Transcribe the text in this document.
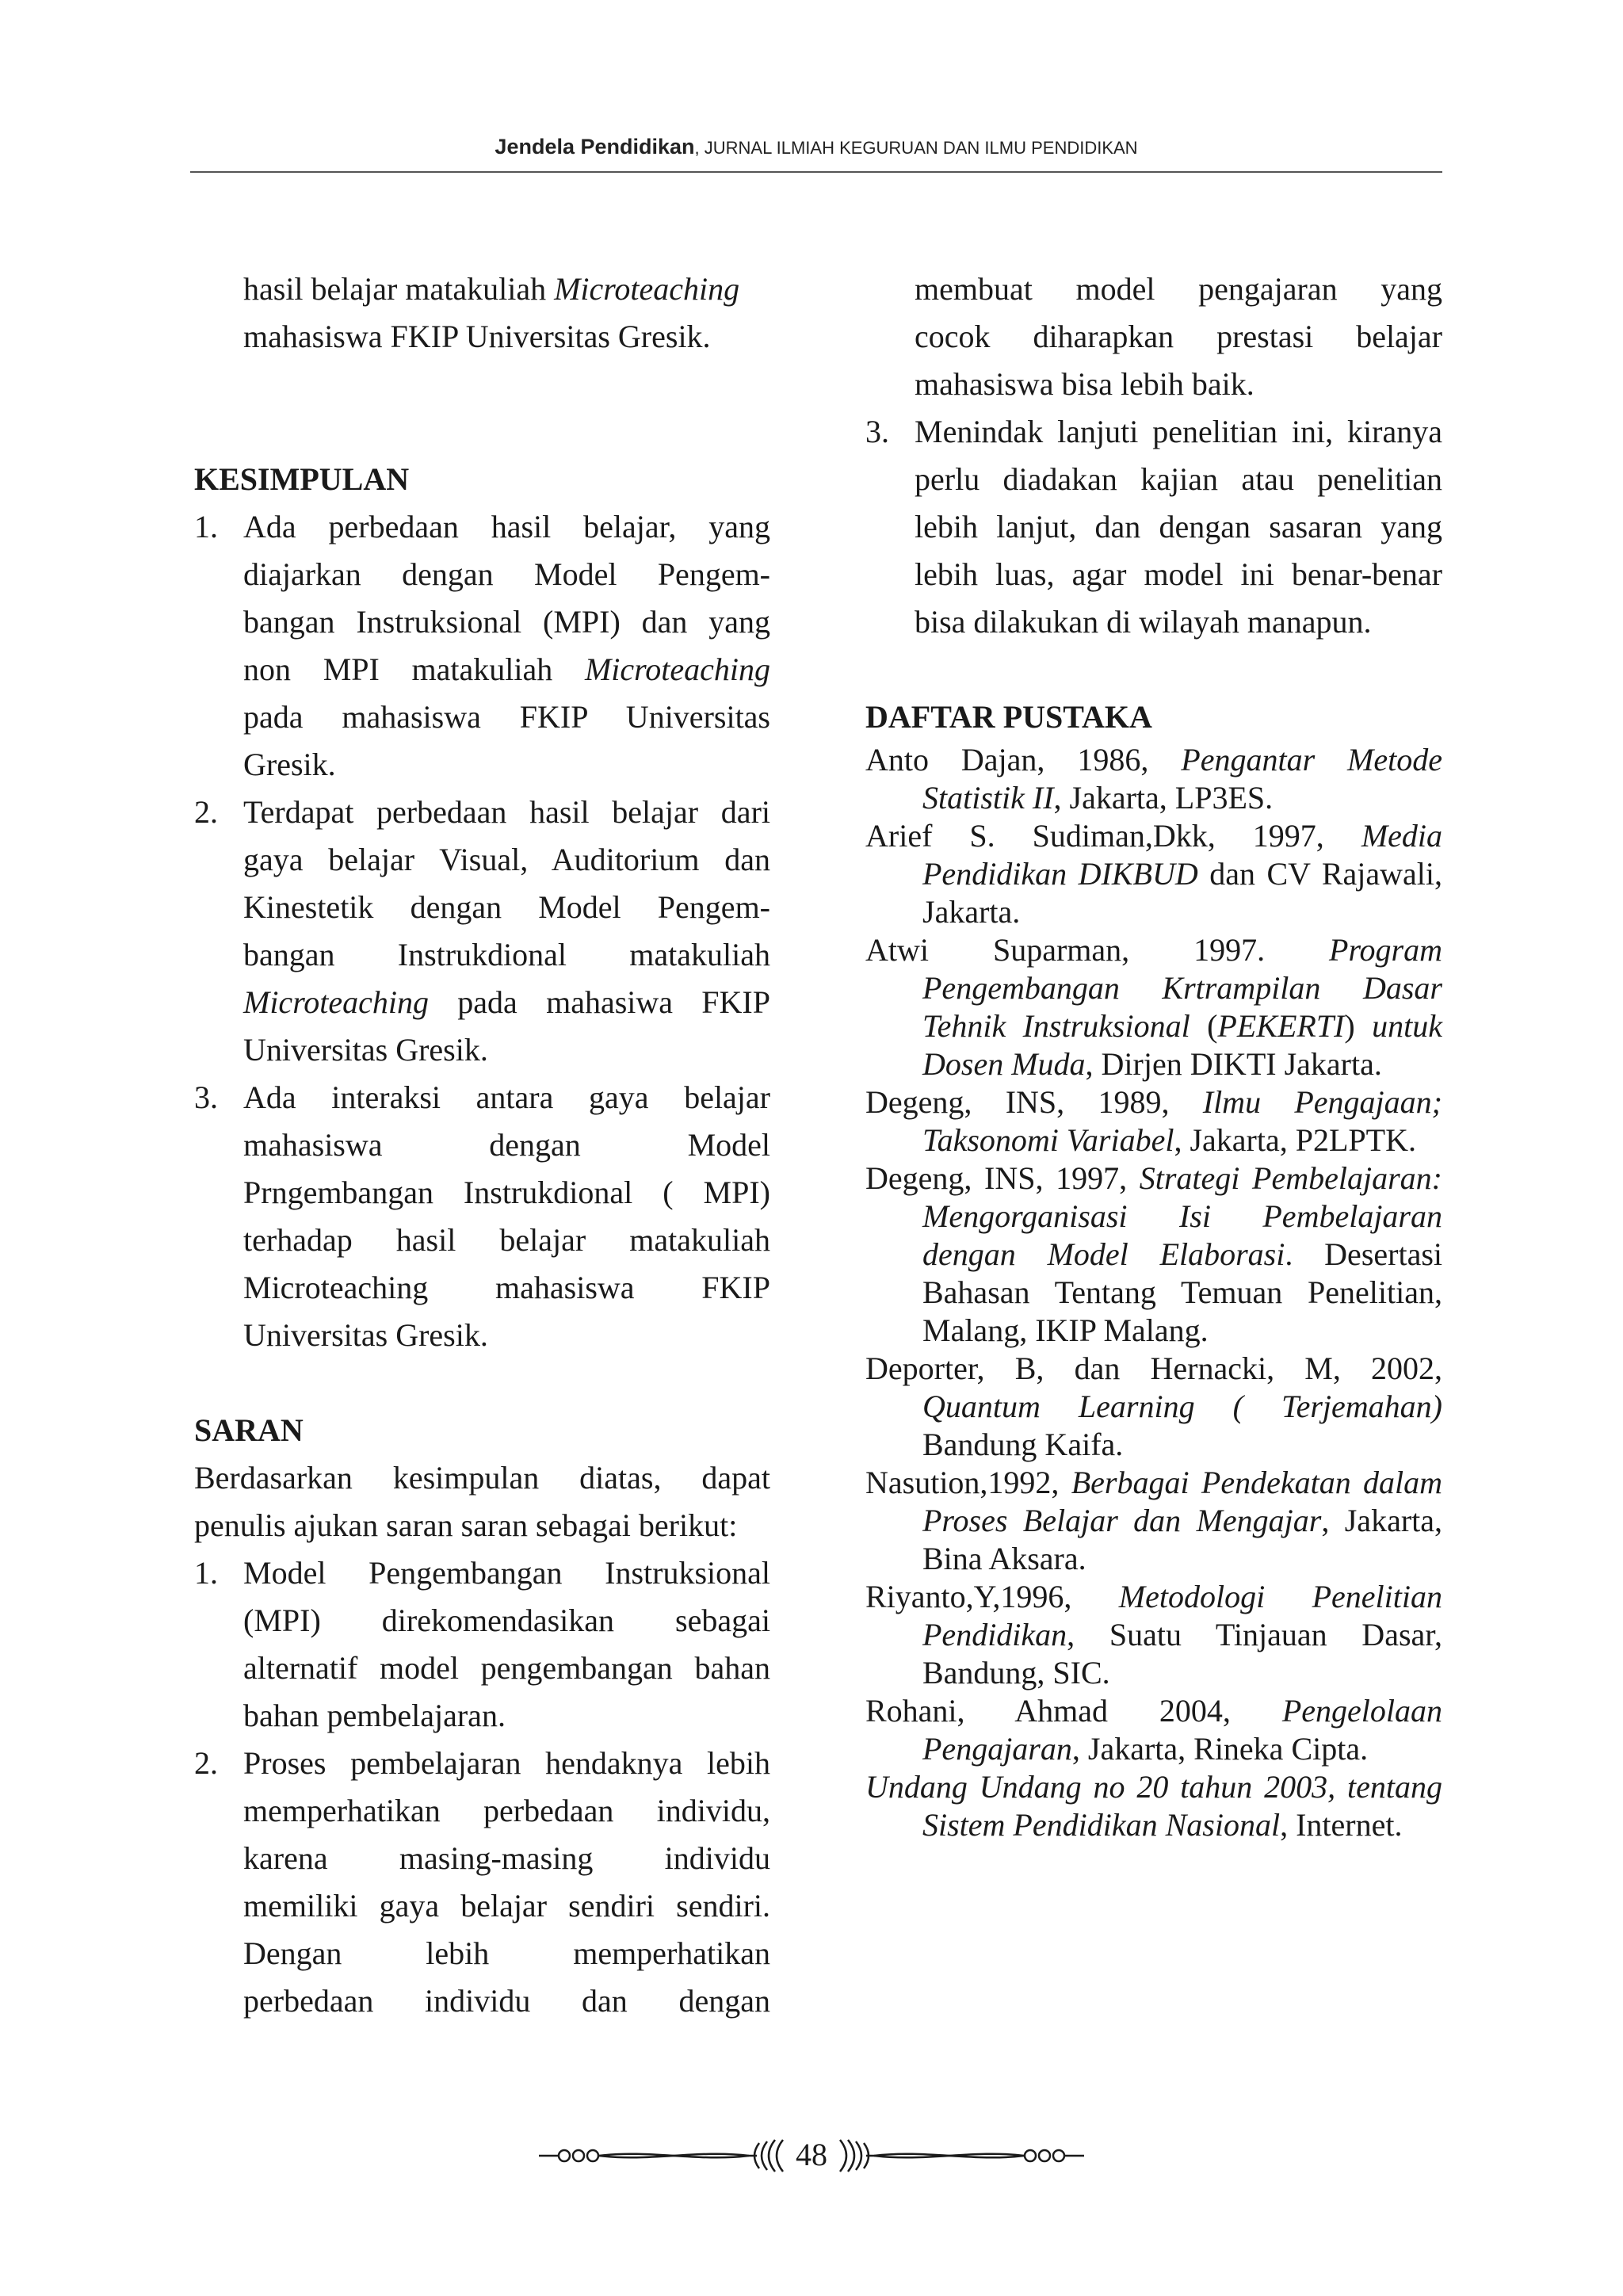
Jendela Pendidikan, JURNAL ILMIAH KEGURUAN DAN ILMU PENDIDIKAN
hasil belajar matakuliah Microteaching
mahasiswa FKIP Universitas Gresik.
KESIMPULAN
1. Ada perbedaan hasil belajar, yang
diajarkan dengan Model Pengem-
bangan Instruksional (MPI) dan yang
non MPI matakuliah Microteaching
pada mahasiswa FKIP Universitas
Gresik.
2. Terdapat perbedaan hasil belajar dari
gaya belajar Visual, Auditorium dan
Kinestetik dengan Model Pengem-
bangan Instrukdional matakuliah
Microteaching pada mahasiwa FKIP
Universitas Gresik.
3. Ada interaksi antara gaya belajar
mahasiswa dengan Model
Prngembangan Instrukdional ( MPI)
terhadap hasil belajar matakuliah
Microteaching mahasiswa FKIP
Universitas Gresik.
SARAN
Berdasarkan kesimpulan diatas, dapat
penulis ajukan saran saran sebagai berikut:
1. Model Pengembangan Instruksional
(MPI) direkomendasikan sebagai
alternatif model pengembangan bahan
bahan pembelajaran.
2. Proses pembelajaran hendaknya lebih
memperhatikan perbedaan individu,
karena masing-masing individu
memiliki gaya belajar sendiri sendiri.
Dengan lebih memperhatikan
perbedaan individu dan dengan
membuat model pengajaran yang
cocok diharapkan prestasi belajar
mahasiswa bisa lebih baik.
3. Menindak lanjuti penelitian ini, kiranya
perlu diadakan kajian atau penelitian
lebih lanjut, dan dengan sasaran yang
lebih luas, agar model ini benar-benar
bisa dilakukan di wilayah manapun.
DAFTAR PUSTAKA
Anto Dajan, 1986, Pengantar Metode Statistik II, Jakarta, LP3ES.
Arief S. Sudiman,Dkk, 1997, Media Pendidikan DIKBUD dan CV Rajawali, Jakarta.
Atwi Suparman, 1997. Program Pengembangan Krtrampilan Dasar Tehnik Instruksional (PEKERTI) untuk Dosen Muda, Dirjen DIKTI Jakarta.
Degeng, INS, 1989, Ilmu Pengajaan; Taksonomi Variabel, Jakarta, P2LPTK.
Degeng, INS, 1997, Strategi Pembelajaran: Mengorganisasi Isi Pembelajaran dengan Model Elaborasi. Desertasi Bahasan Tentang Temuan Penelitian, Malang, IKIP Malang.
Deporter, B, dan Hernacki, M, 2002, Quantum Learning ( Terjemahan) Bandung Kaifa.
Nasution,1992, Berbagai Pendekatan dalam Proses Belajar dan Mengajar, Jakarta, Bina Aksara.
Riyanto,Y,1996, Metodologi Penelitian Pendidikan, Suatu Tinjauan Dasar, Bandung, SIC.
Rohani, Ahmad 2004, Pengelolaan Pengajaran, Jakarta, Rineka Cipta.
Undang Undang no 20 tahun 2003, tentang Sistem Pendidikan Nasional, Internet.
48
